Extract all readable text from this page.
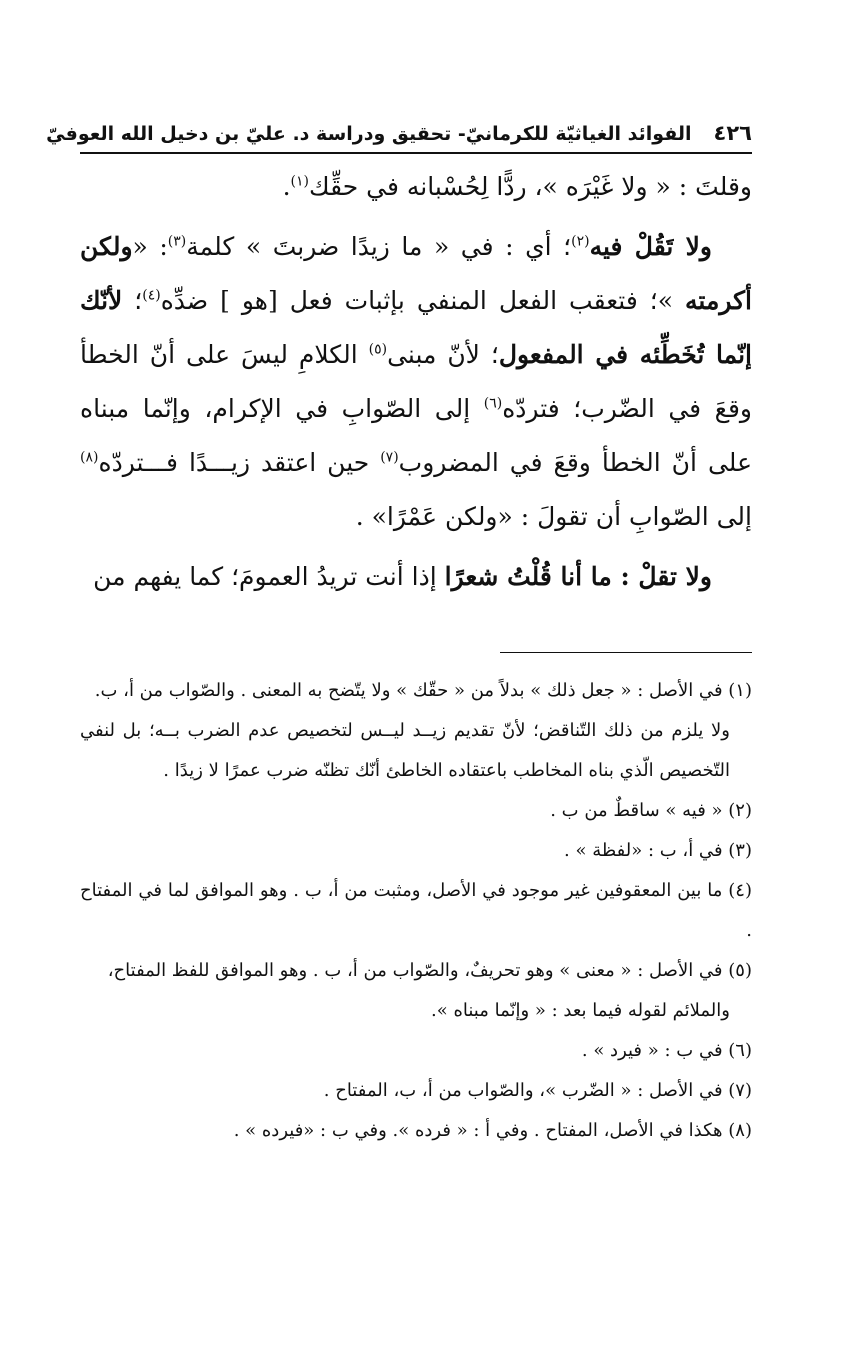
٤٢٦
الفوائد الغياثيّة للكرمانيّ- تحقيق ودراسة د. عليّ بن دخيل الله العوفيّ

وقلتَ : « ولا غَيْرَه »، ردًّا لِحُسْبانه في حقِّك$^{(١)}$.

ولا تَقُلْ فيه$^{(٢)}$؛ أي : في « ما زيدًا ضربتَ » كلمة$^{(٣)}$: «ولكن أكرمته »؛ فتعقب الفعل المنفي بإثبات فعل [هو ] ضدِّه$^{(٤)}$؛ لأنّك إنّما تُخَطِّئه في المفعول؛ لأنّ مبنى$^{(٥)}$ الكلامِ ليسَ على أنّ الخطأ وقعَ في الضّرب؛ فتردّه$^{(٦)}$ إلى الصّوابِ في الإكرام، وإنّما مبناه على أنّ الخطأ وقعَ في المضروب$^{(٧)}$ حين اعتقد زيـــدًا فـــتردّه$^{(٨)}$ إلى الصّوابِ أن تقولَ : «ولكن عَمْرًا» .

ولا تقلْ : ما أنا قُلْتُ شعرًا إذا أنت تريدُ العمومَ؛ كما يفهم من

(١) في الأصل : « جعل ذلك » بدلاً من « حقّك » ولا يتّضح به المعنى . والصّواب من أ، ب.
ولا يلزم من ذلك التّناقض؛ لأنّ تقديم زيــد ليــس لتخصيص عدم الضرب بــه؛ بل لنفي التّخصيص الّذي بناه المخاطب باعتقاده الخاطئ أنّك تظنّه ضرب عمرًا لا زيدًا .
(٢) « فيه » ساقطٌ من ب .
(٣) في أ، ب : «لفظة » .
(٤) ما بين المعقوفين غير موجود في الأصل، ومثبت من أ، ب . وهو الموافق لما في المفتاح .
(٥) في الأصل : « معنى » وهو تحريفٌ، والصّواب من أ، ب . وهو الموافق للفظ المفتاح،
والملائم لقوله فيما بعد : « وإنّما مبناه ».
(٦) في ب : « فيرد » .
(٧) في الأصل : « الضّرب »، والصّواب من أ، ب، المفتاح .
(٨) هكذا في الأصل، المفتاح . وفي أ : « فرده ». وفي ب : «فيرده » .
